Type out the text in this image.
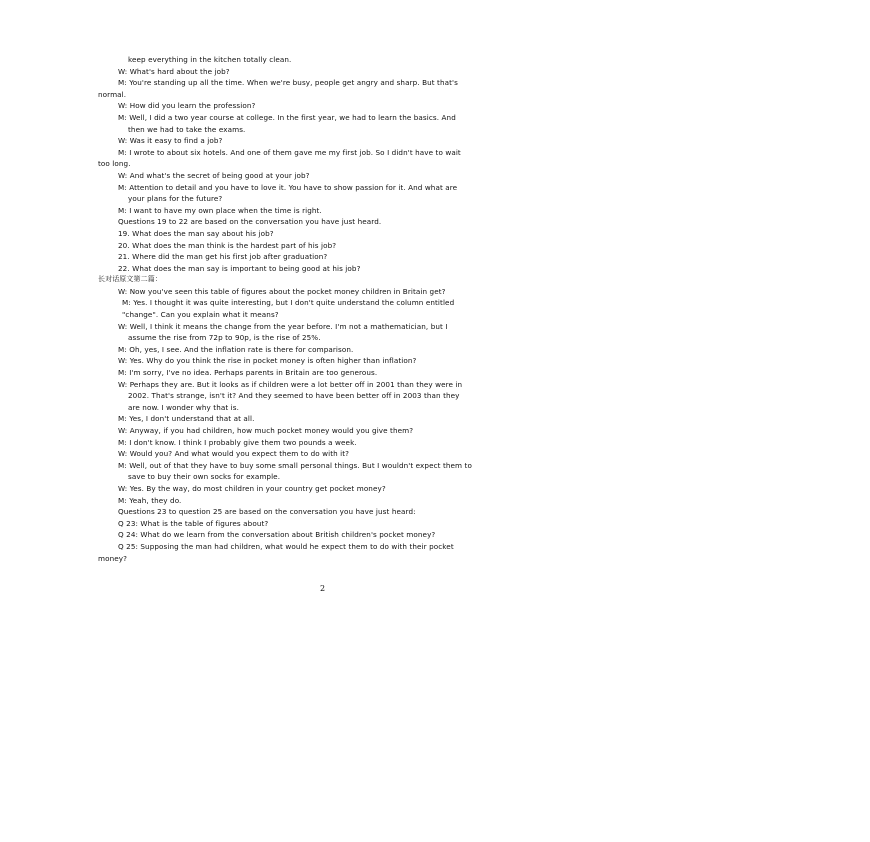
keep everything in the kitchen totally clean.
W: What's hard about the job?
M: You're standing up all the time. When we're busy, people get angry and sharp. But that's
normal.
W: How did you learn the profession?
M: Well, I did a two year course at college. In the first year, we had to learn the basics. And
then we had to take the exams.
W: Was it easy to find a job?
M: I wrote to about six hotels. And one of them gave me my first job. So I didn't have to wait
too long.
W: And what's the secret of being good at your job?
M: Attention to detail and you have to love it. You have to show passion for it. And what are
your plans for the future?
M: I want to have my own place when the time is right.
Questions 19 to 22 are based on the conversation you have just heard.
19. What does the man say about his job?
20. What does the man think is the hardest part of his job?
21. Where did the man get his first job after graduation?
22. What does the man say is important to being good at his job?
长对话原文第二篇：
W: Now you've seen this table of figures about the pocket money children in Britain get?
M: Yes. I thought it was quite interesting, but I don't quite understand the column entitled
"change". Can you explain what it means?
W: Well, I think it means the change from the year before. I'm not a mathematician, but I
assume the rise from 72p to 90p, is the rise of 25%.
M: Oh, yes, I see. And the inflation rate is there for comparison.
W: Yes. Why do you think the rise in pocket money is often higher than inflation?
M: I'm sorry, I've no idea. Perhaps parents in Britain are too generous.
W: Perhaps they are. But it looks as if children were a lot better off in 2001 than they were in
2002. That's strange, isn't it? And they seemed to have been better off in 2003 than they
are now. I wonder why that is.
M: Yes, I don't understand that at all.
W: Anyway, if you had children, how much pocket money would you give them?
M: I don't know. I think I probably give them two pounds a week.
W: Would you? And what would you expect them to do with it?
M: Well, out of that they have to buy some small personal things. But I wouldn't expect them to
save to buy their own socks for example.
W: Yes. By the way, do most children in your country get pocket money?
M: Yeah, they do.
Questions 23 to question 25 are based on the conversation you have just heard:
Q 23: What is the table of figures about?
Q 24: What do we learn from the conversation about British children's pocket money?
Q 25: Supposing the man had children, what would he expect them to do with their pocket
money?
2
